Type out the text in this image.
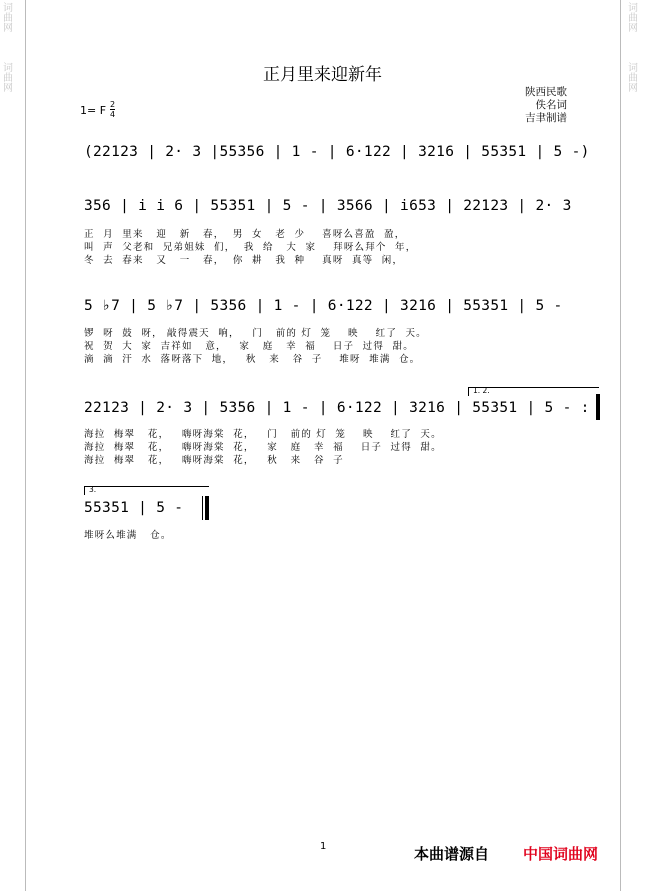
词
曲
网
词
曲
网
词
曲
网
词
曲
网
正月里来迎新年
陕西民歌
佚名词
吉聿制谱
1= F $\frac{2}{4}$
(22123 | 2· 3 |55356 | 1 - | 6·122 | 3216 | 55351 | 5 -)
356 | i i 6 | 55351 | 5 - | 3566 | i653 | 22123 | 2· 3
正  月  里来   迎   新   春，  男  女   老  少    喜呀么喜盈  盈，
叫  声  父老和  兄弟姐妹  们，  我  给   大  家    拜呀么拜个  年，
冬  去  春来   又   一   春，  你  耕   我  种    真呀  真等  闲，
5 ♭7 | 5 ♭7 | 5356 | 1 - | 6·122 | 3216 | 55351 | 5 -
锣  呀  鼓  呀， 敲得震天  响，   门   前的 灯  笼    映    红了  天。
祝  贺  大  家  吉祥如   意，   家   庭   幸  福    日子  过得  甜。
滴  滴  汗  水  落呀落下  地，   秋   来   谷  子    堆呀  堆满  仓。
1. 2.
22123 | 2· 3 | 5356 | 1 - | 6·122 | 3216 | 55351 | 5 - :
海拉  梅翠   花，   嗨呀海棠  花，   门   前的 灯  笼    映    红了  天。
海拉  梅翠   花，   嗨呀海棠  花，   家   庭   幸  福    日子  过得  甜。
海拉  梅翠   花，   嗨呀海棠  花，   秋   来   谷  子
3.
55351 | 5 -
堆呀么堆满   仓。
1	本曲谱源自 中国词曲网
